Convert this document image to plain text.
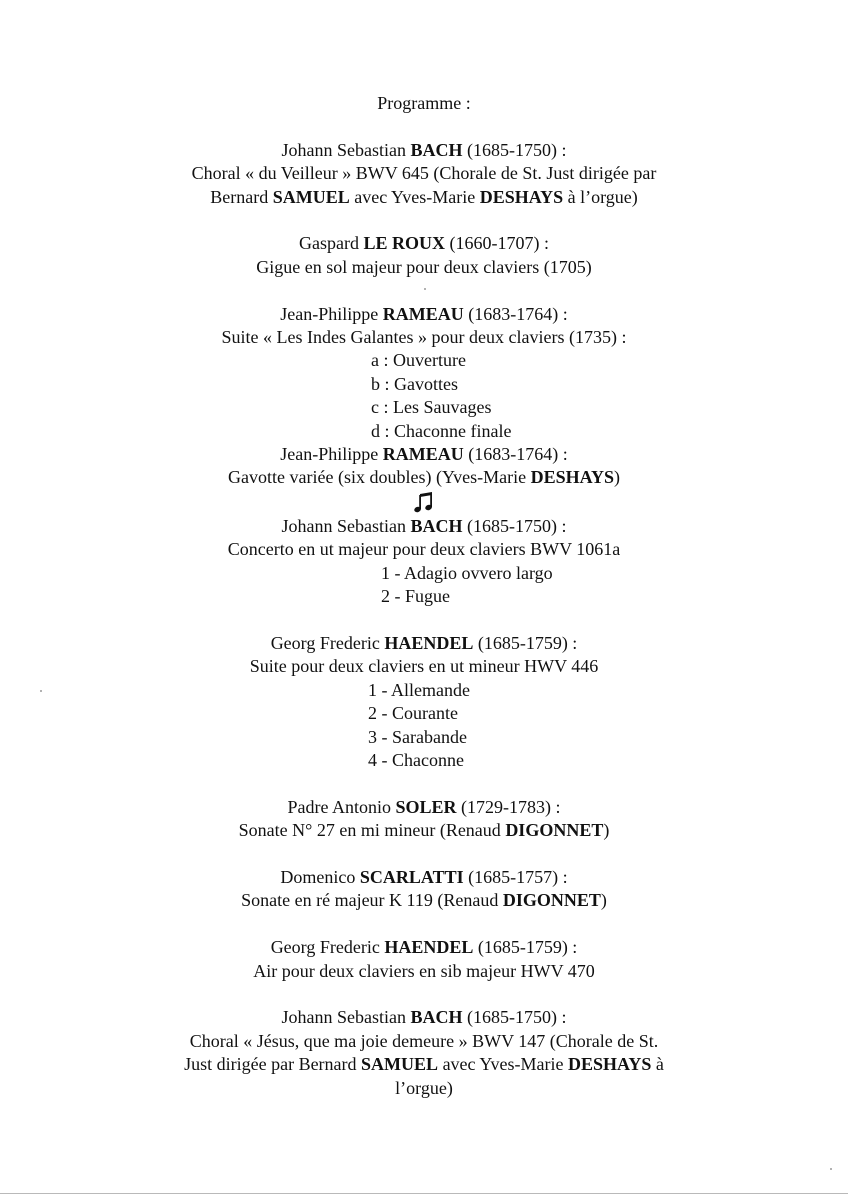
Programme :
Johann Sebastian BACH (1685-1750) :
Choral « du Veilleur » BWV 645 (Chorale de St. Just dirigée par
Bernard SAMUEL avec Yves-Marie DESHAYS à l’orgue)
Gaspard LE ROUX (1660-1707) :
Gigue en sol majeur pour deux claviers (1705)
Jean-Philippe RAMEAU (1683-1764) :
Suite « Les Indes Galantes » pour deux claviers (1735) :
a : Ouverture
b : Gavottes
c : Les Sauvages
d : Chaconne finale
Jean-Philippe RAMEAU (1683-1764) :
Gavotte variée (six doubles) (Yves-Marie DESHAYS)
Johann Sebastian BACH (1685-1750) :
Concerto en ut majeur pour deux claviers BWV 1061a
1 - Adagio ovvero largo
2 - Fugue
Georg Frederic HAENDEL (1685-1759) :
Suite pour deux claviers en ut mineur HWV 446
1 - Allemande
2 - Courante
3 - Sarabande
4 - Chaconne
Padre Antonio SOLER (1729-1783) :
Sonate N° 27 en mi mineur (Renaud DIGONNET)
Domenico SCARLATTI (1685-1757) :
Sonate en ré majeur K 119 (Renaud DIGONNET)
Georg Frederic HAENDEL (1685-1759) :
Air pour deux claviers en sib majeur HWV 470
Johann Sebastian BACH (1685-1750) :
Choral « Jésus, que ma joie demeure » BWV 147 (Chorale de St.
Just dirigée par Bernard SAMUEL avec Yves-Marie DESHAYS à
l’orgue)
